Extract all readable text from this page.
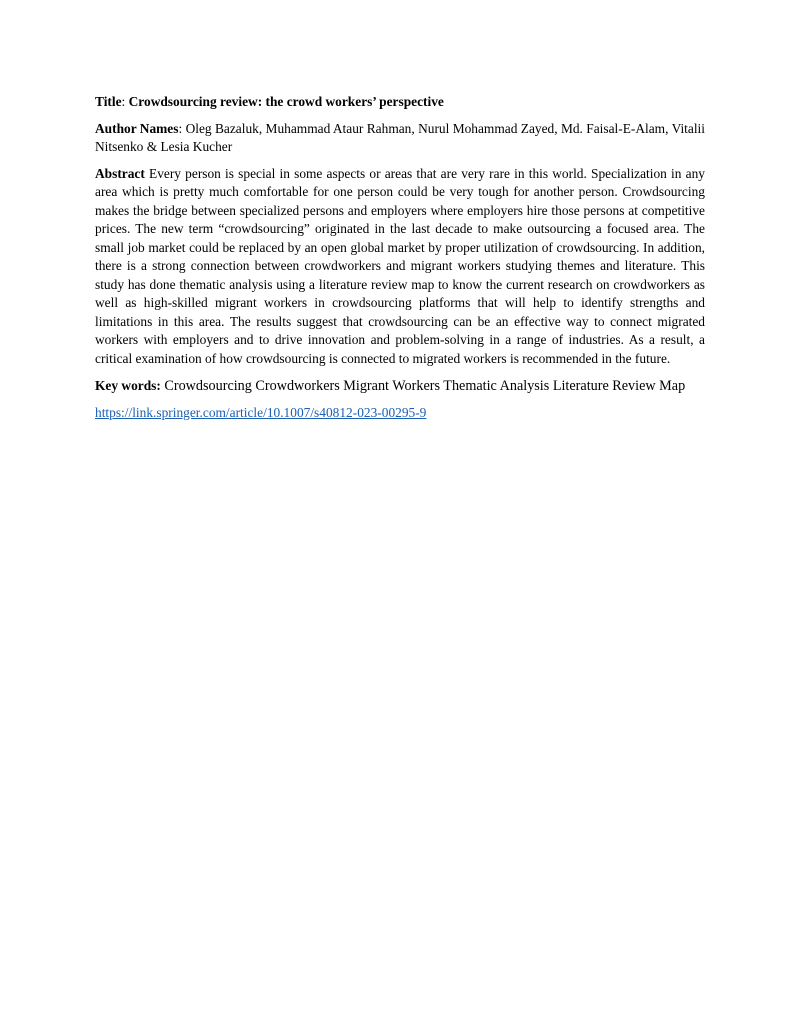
Title: Crowdsourcing review: the crowd workers’ perspective

Author Names: Oleg Bazaluk, Muhammad Ataur Rahman, Nurul Mohammad Zayed, Md. Faisal-E-Alam, Vitalii Nitsenko & Lesia Kucher

Abstract Every person is special in some aspects or areas that are very rare in this world. Specialization in any area which is pretty much comfortable for one person could be very tough for another person. Crowdsourcing makes the bridge between specialized persons and employers where employers hire those persons at competitive prices. The new term “crowdsourcing” originated in the last decade to make outsourcing a focused area. The small job market could be replaced by an open global market by proper utilization of crowdsourcing. In addition, there is a strong connection between crowdworkers and migrant workers studying themes and literature. This study has done thematic analysis using a literature review map to know the current research on crowdworkers as well as high-skilled migrant workers in crowdsourcing platforms that will help to identify strengths and limitations in this area. The results suggest that crowdsourcing can be an effective way to connect migrated workers with employers and to drive innovation and problem-solving in a range of industries. As a result, a critical examination of how crowdsourcing is connected to migrated workers is recommended in the future.

Key words: Crowdsourcing Crowdworkers Migrant Workers Thematic Analysis Literature Review Map

https://link.springer.com/article/10.1007/s40812-023-00295-9
